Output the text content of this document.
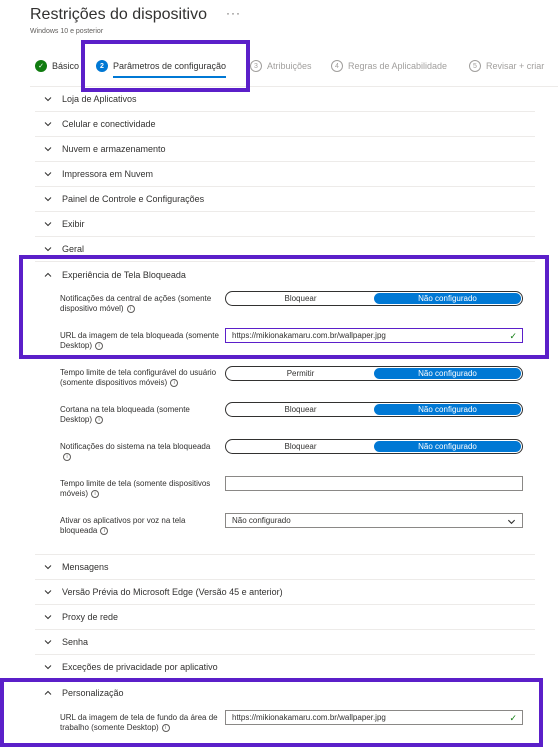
Restrições do dispositivo ···
Windows 10 e posterior
✓ Básico	2	Parâmetros de configuração	3	Atribuições	4	Regras de Aplicabilidade	5	Revisar + criar
Loja de Aplicativos
Celular e conectividade
Nuvem e armazenamento
Impressora em Nuvem
Painel de Controle e Configurações
Exibir
Geral
Experiência de Tela Bloqueada
Notificações da central de ações (somente dispositivo móvel) i
Bloquear	Não configurado
URL da imagem de tela bloqueada (somente Desktop) i
https://mikionakamaru.com.br/wallpaper.jpg	✓
Tempo limite de tela configurável do usuário (somente dispositivos móveis) i
Permitir	Não configurado
Cortana na tela bloqueada (somente Desktop) i
Bloquear	Não configurado
Notificações do sistema na tela bloqueadai
Bloquear	Não configurado
Tempo limite de tela (somente dispositivos móveis) i
Ativar os aplicativos por voz na tela bloqueada i
Não configurado
Mensagens
Versão Prévia do Microsoft Edge (Versão 45 e anterior)
Proxy de rede
Senha
Exceções de privacidade por aplicativo
Personalização
URL da imagem de tela de fundo da área de trabalho (somente Desktop) i
https://mikionakamaru.com.br/wallpaper.jpg	✓
